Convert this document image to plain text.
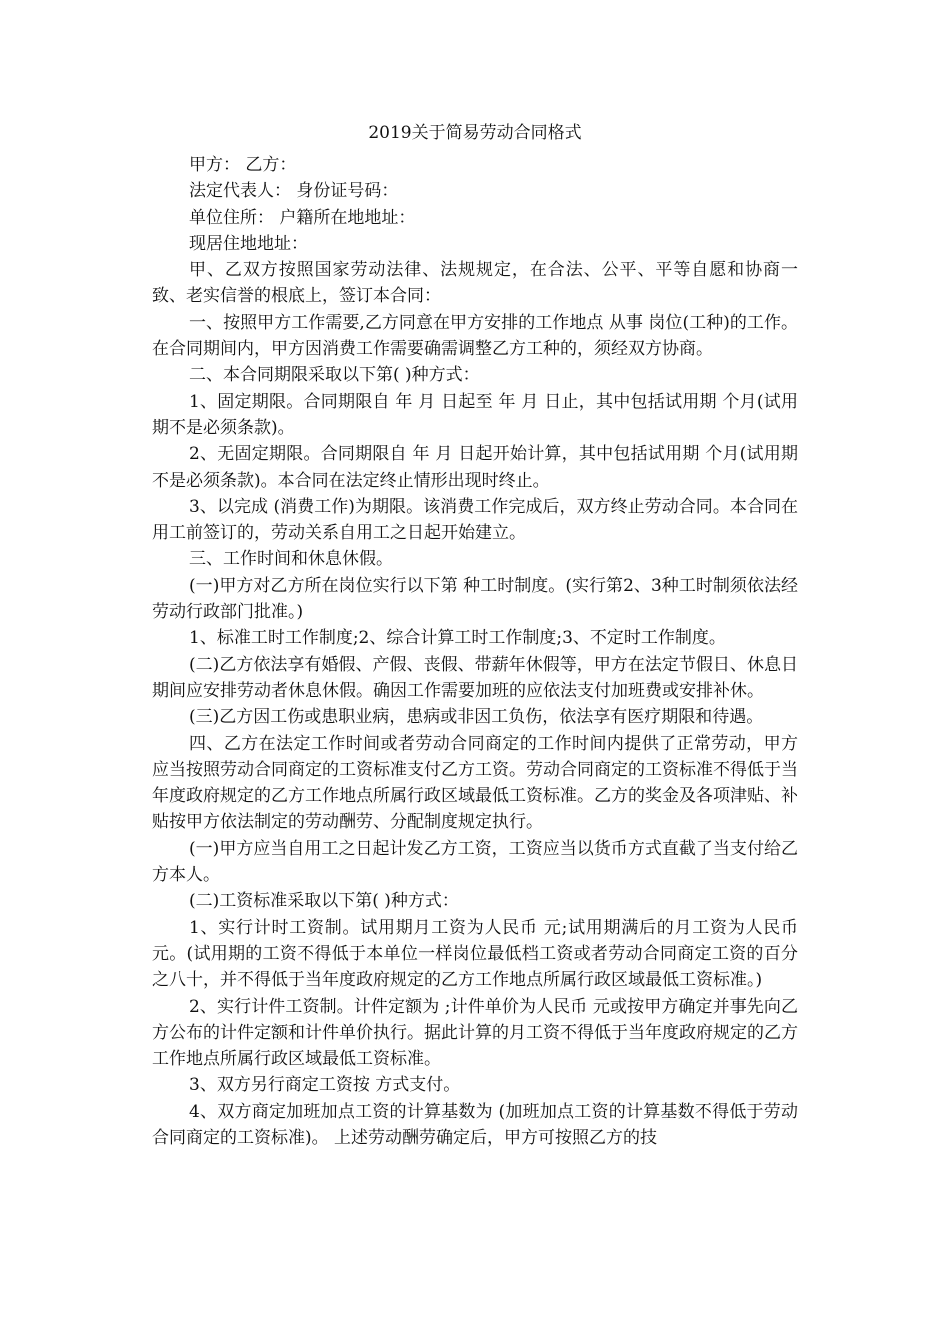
2019关于简易劳动合同格式

甲方： 乙方：

法定代表人： 身份证号码：

单位住所： 户籍所在地地址：

现居住地地址：

甲、乙双方按照国家劳动法律、法规规定，在合法、公平、平等自愿和协商一致、老实信誉的根底上，签订本合同：

一、按照甲方工作需要,乙方同意在甲方安排的工作地点 从事 岗位(工种)的工作。在合同期间内，甲方因消费工作需要确需调整乙方工种的，须经双方协商。

二、本合同期限采取以下第( )种方式：

1、固定期限。合同期限自 年 月 日起至 年 月 日止，其中包括试用期 个月(试用期不是必须条款)。

2、无固定期限。合同期限自 年 月 日起开始计算，其中包括试用期 个月(试用期不是必须条款)。本合同在法定终止情形出现时终止。

3、以完成 (消费工作)为期限。该消费工作完成后，双方终止劳动合同。本合同在用工前签订的，劳动关系自用工之日起开始建立。

三、工作时间和休息休假。

(一)甲方对乙方所在岗位实行以下第 种工时制度。(实行第2、3种工时制须依法经劳动行政部门批准。)

1、标准工时工作制度;2、综合计算工时工作制度;3、不定时工作制度。

(二)乙方依法享有婚假、产假、丧假、带薪年休假等，甲方在法定节假日、休息日期间应安排劳动者休息休假。确因工作需要加班的应依法支付加班费或安排补休。

(三)乙方因工伤或患职业病，患病或非因工负伤，依法享有医疗期限和待遇。

四、乙方在法定工作时间或者劳动合同商定的工作时间内提供了正常劳动，甲方应当按照劳动合同商定的工资标准支付乙方工资。劳动合同商定的工资标准不得低于当年度政府规定的乙方工作地点所属行政区域最低工资标准。乙方的奖金及各项津贴、补贴按甲方依法制定的劳动酬劳、分配制度规定执行。

(一)甲方应当自用工之日起计发乙方工资，工资应当以货币方式直截了当支付给乙方本人。

(二)工资标准采取以下第( )种方式：

1、实行计时工资制。试用期月工资为人民币 元;试用期满后的月工资为人民币 元。(试用期的工资不得低于本单位一样岗位最低档工资或者劳动合同商定工资的百分之八十，并不得低于当年度政府规定的乙方工作地点所属行政区域最低工资标准。)

2、实行计件工资制。计件定额为 ;计件单价为人民币 元或按甲方确定并事先向乙方公布的计件定额和计件单价执行。据此计算的月工资不得低于当年度政府规定的乙方工作地点所属行政区域最低工资标准。

3、双方另行商定工资按 方式支付。

4、双方商定加班加点工资的计算基数为 (加班加点工资的计算基数不得低于劳动合同商定的工资标准)。 上述劳动酬劳确定后，甲方可按照乙方的技
